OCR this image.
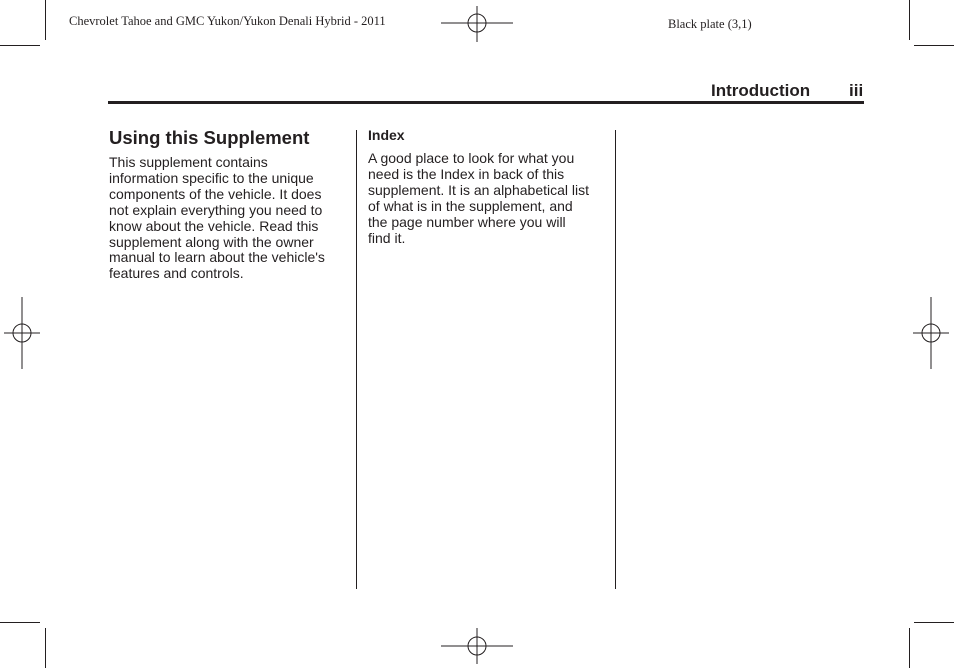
Chevrolet Tahoe and GMC Yukon/Yukon Denali Hybrid - 2011	Black plate (3,1)
Introduction iii
Using this Supplement

This supplement contains
information specific to the unique
components of the vehicle. It does
not explain everything you need to
know about the vehicle. Read this
supplement along with the owner
manual to learn about the vehicle's
features and controls.

Index

A good place to look for what you
need is the Index in back of this
supplement. It is an alphabetical list
of what is in the supplement, and
the page number where you will
find it.
